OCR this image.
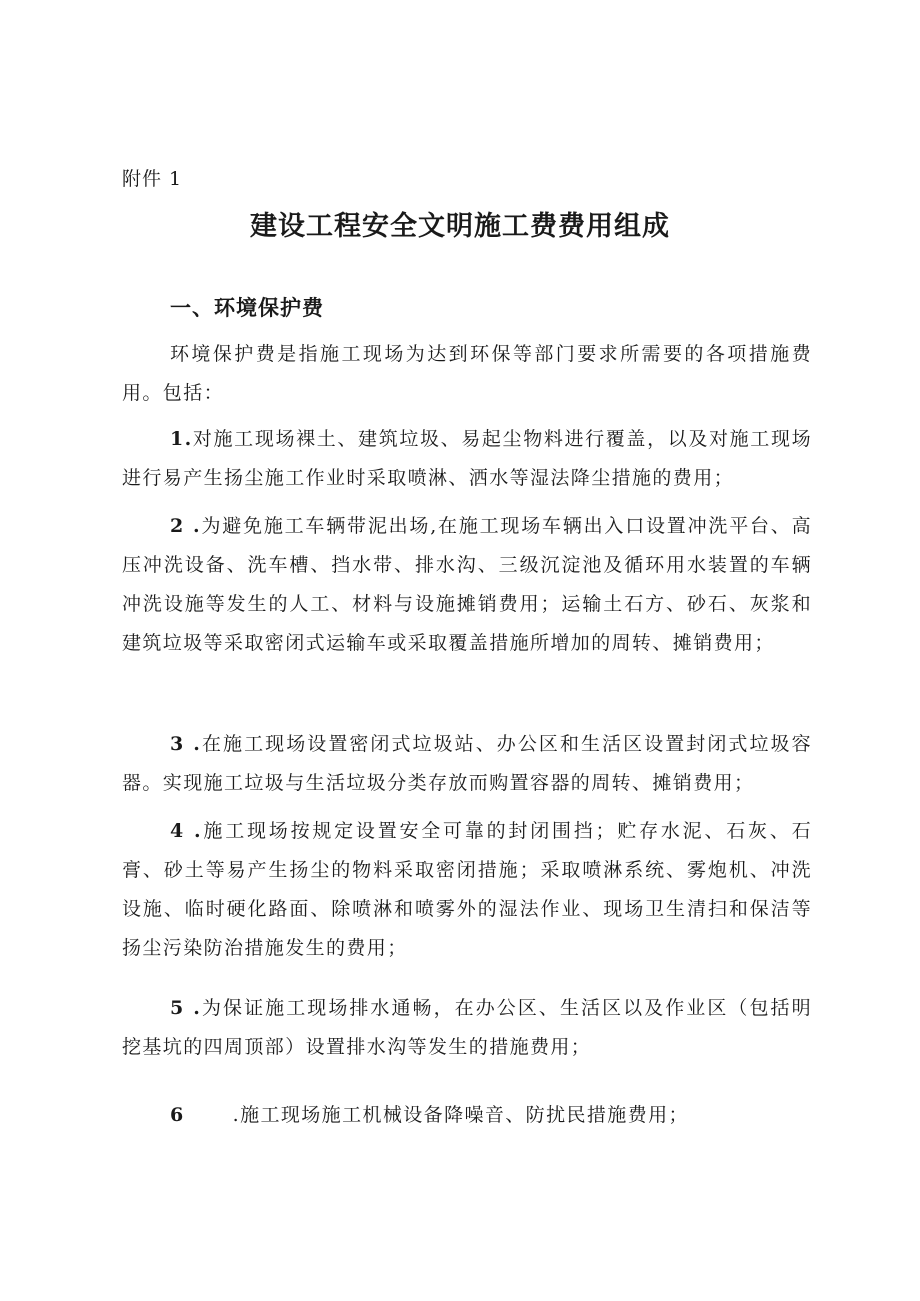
附件 1
建设工程安全文明施工费费用组成
一、环境保护费

环境保护费是指施工现场为达到环保等部门要求所需要的各项措施费用。包括：

1.对施工现场裸土、建筑垃圾、易起尘物料进行覆盖，以及对施工现场进行易产生扬尘施工作业时采取喷淋、洒水等湿法降尘措施的费用；

2 .为避免施工车辆带泥出场,在施工现场车辆出入口设置冲洗平台、高压冲洗设备、洗车槽、挡水带、排水沟、三级沉淀池及循环用水装置的车辆冲洗设施等发生的人工、材料与设施摊销费用；运输土石方、砂石、灰浆和建筑垃圾等采取密闭式运输车或采取覆盖措施所增加的周转、摊销费用；

3 .在施工现场设置密闭式垃圾站、办公区和生活区设置封闭式垃圾容器。实现施工垃圾与生活垃圾分类存放而购置容器的周转、摊销费用；

4 .施工现场按规定设置安全可靠的封闭围挡；贮存水泥、石灰、石膏、砂土等易产生扬尘的物料采取密闭措施；采取喷淋系统、雾炮机、冲洗设施、临时硬化路面、除喷淋和喷雾外的湿法作业、现场卫生清扫和保洁等扬尘污染防治措施发生的费用；

5 .为保证施工现场排水通畅，在办公区、生活区以及作业区（包括明挖基坑的四周顶部）设置排水沟等发生的措施费用；

6	.施工现场施工机械设备降噪音、防扰民措施费用；
